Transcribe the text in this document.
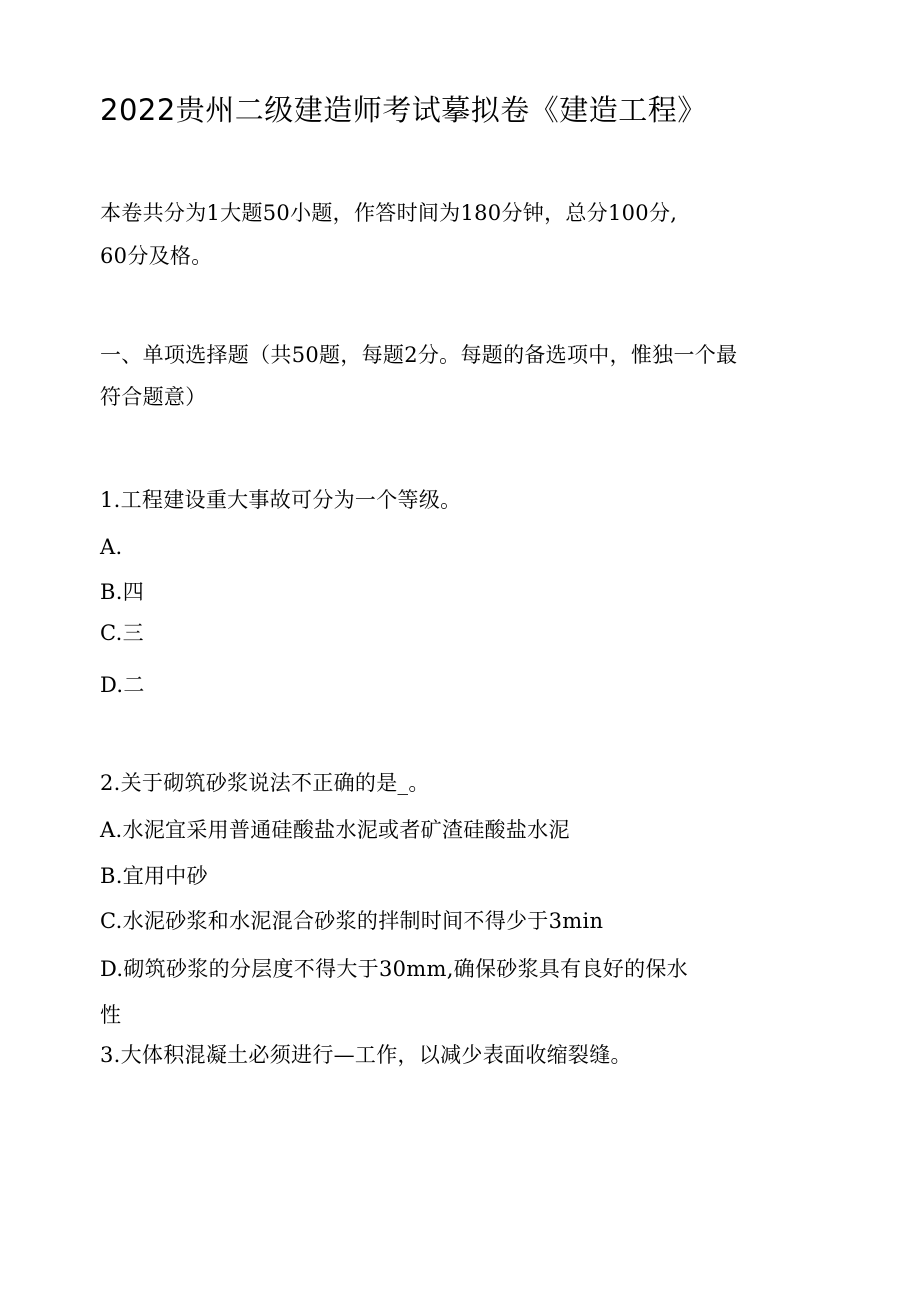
2022贵州二级建造师考试摹拟卷《建造工程》
本卷共分为1大题50小题，作答时间为180分钟，总分100分,
60分及格。
一、单项选择题（共50题，每题2分。每题的备选项中，惟独一个最
符合题意）
1.工程建设重大事故可分为一个等级。
A.
B.四
C.三
D.二
2.关于砌筑砂浆说法不正确的是_。
A.水泥宜采用普通硅酸盐水泥或者矿渣硅酸盐水泥
B.宜用中砂
C.水泥砂浆和水泥混合砂浆的拌制时间不得少于3min
D.砌筑砂浆的分层度不得大于30mm,确保砂浆具有良好的保水
性
3.大体积混凝土必须进行—工作，以减少表面收缩裂缝。
